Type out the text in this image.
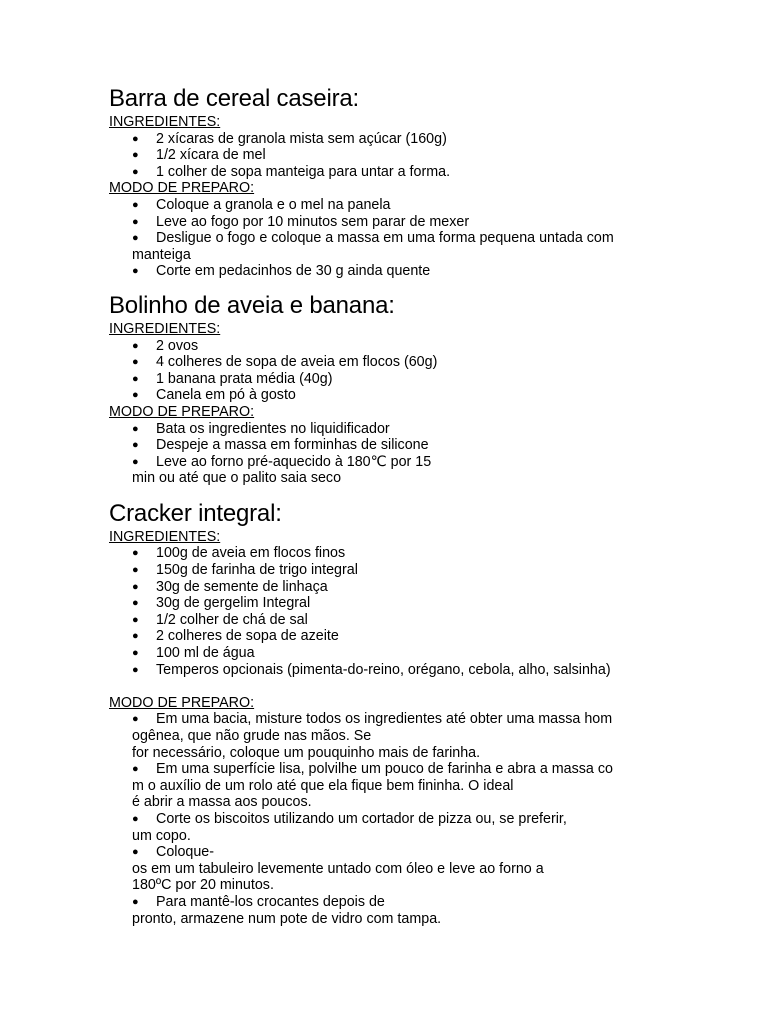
Barra de cereal caseira:

INGREDIENTES:

●	2 xícaras de granola mista sem açúcar (160g)
●	1/2 xícara de mel
●	1 colher de sopa manteiga para untar a forma.

MODO DE PREPARO:

●	Coloque a granola e o mel na panela
●	Leve ao fogo por 10 minutos sem parar de mexer
●	Desligue o fogo e coloque a massa em uma forma pequena untada com
manteiga
●	Corte em pedacinhos de 30 g ainda quente
Bolinho de aveia e banana:

INGREDIENTES:

●	2 ovos
●	4 colheres de sopa de aveia em flocos (60g)
●	1 banana prata média (40g)
●	Canela em pó à gosto

MODO DE PREPARO:

●	Bata os ingredientes no liquidificador
●	Despeje a massa em forminhas de silicone
●	Leve ao forno pré-aquecido à 180℃ por 15
min ou até que o palito saia seco
Cracker integral:

INGREDIENTES:

●	100g de aveia em flocos finos
●	150g de farinha de trigo integral
●	30g de semente de linhaça
●	30g de gergelim Integral
●	1/2 colher de chá de sal
●	2 colheres de sopa de azeite
●	100 ml de água
●	Temperos opcionais (pimenta-do-reino, orégano, cebola, alho, salsinha)

MODO DE PREPARO:

●	Em uma bacia, misture todos os ingredientes até obter uma massa hom
ogênea, que não grude nas mãos. Se
for necessário, coloque um pouquinho mais de farinha.
●	Em uma superfície lisa, polvilhe um pouco de farinha e abra a massa co
m o auxílio de um rolo até que ela fique bem fininha. O ideal
é abrir a massa aos poucos.
●	Corte os biscoitos utilizando um cortador de pizza ou, se preferir,
um copo.
●	Coloque-
os em um tabuleiro levemente untado com óleo e leve ao forno a
180ºC por 20 minutos.
●	Para mantê-los crocantes depois de
pronto, armazene num pote de vidro com tampa.
